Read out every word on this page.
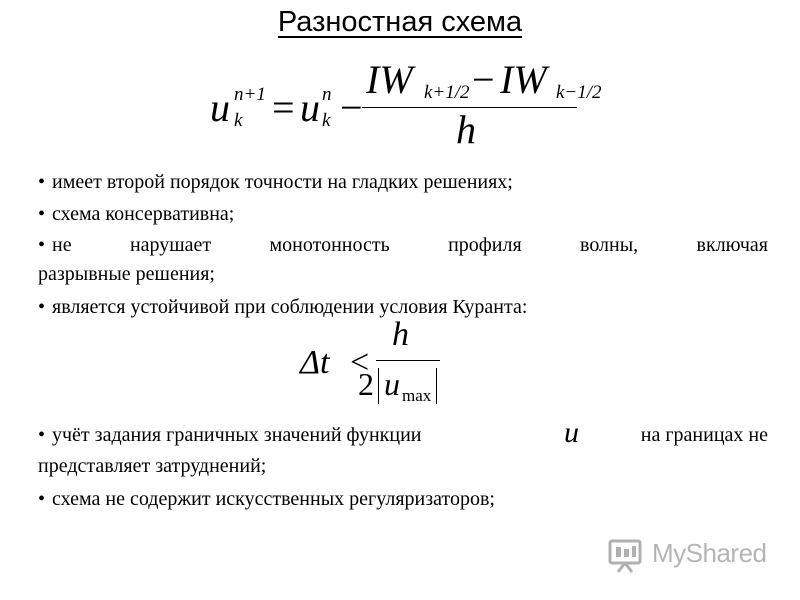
Разностная схема
u n+1
k = u n
k −
IW k+1/2 − IW k−1/2
h
• имеет второй порядок точности на гладких решениях;
• схема консервативна;
• не нарушает монотонность профиля волны, включая
разрывные решения;
• является устойчивой при соблюдении условия Куранта:
• учёт задания граничных значений функции	u	на границах не
представляет затруднений;
• схема не содержит искусственных регуляризаторов;
Δt <
h
2 u max
MyShared
